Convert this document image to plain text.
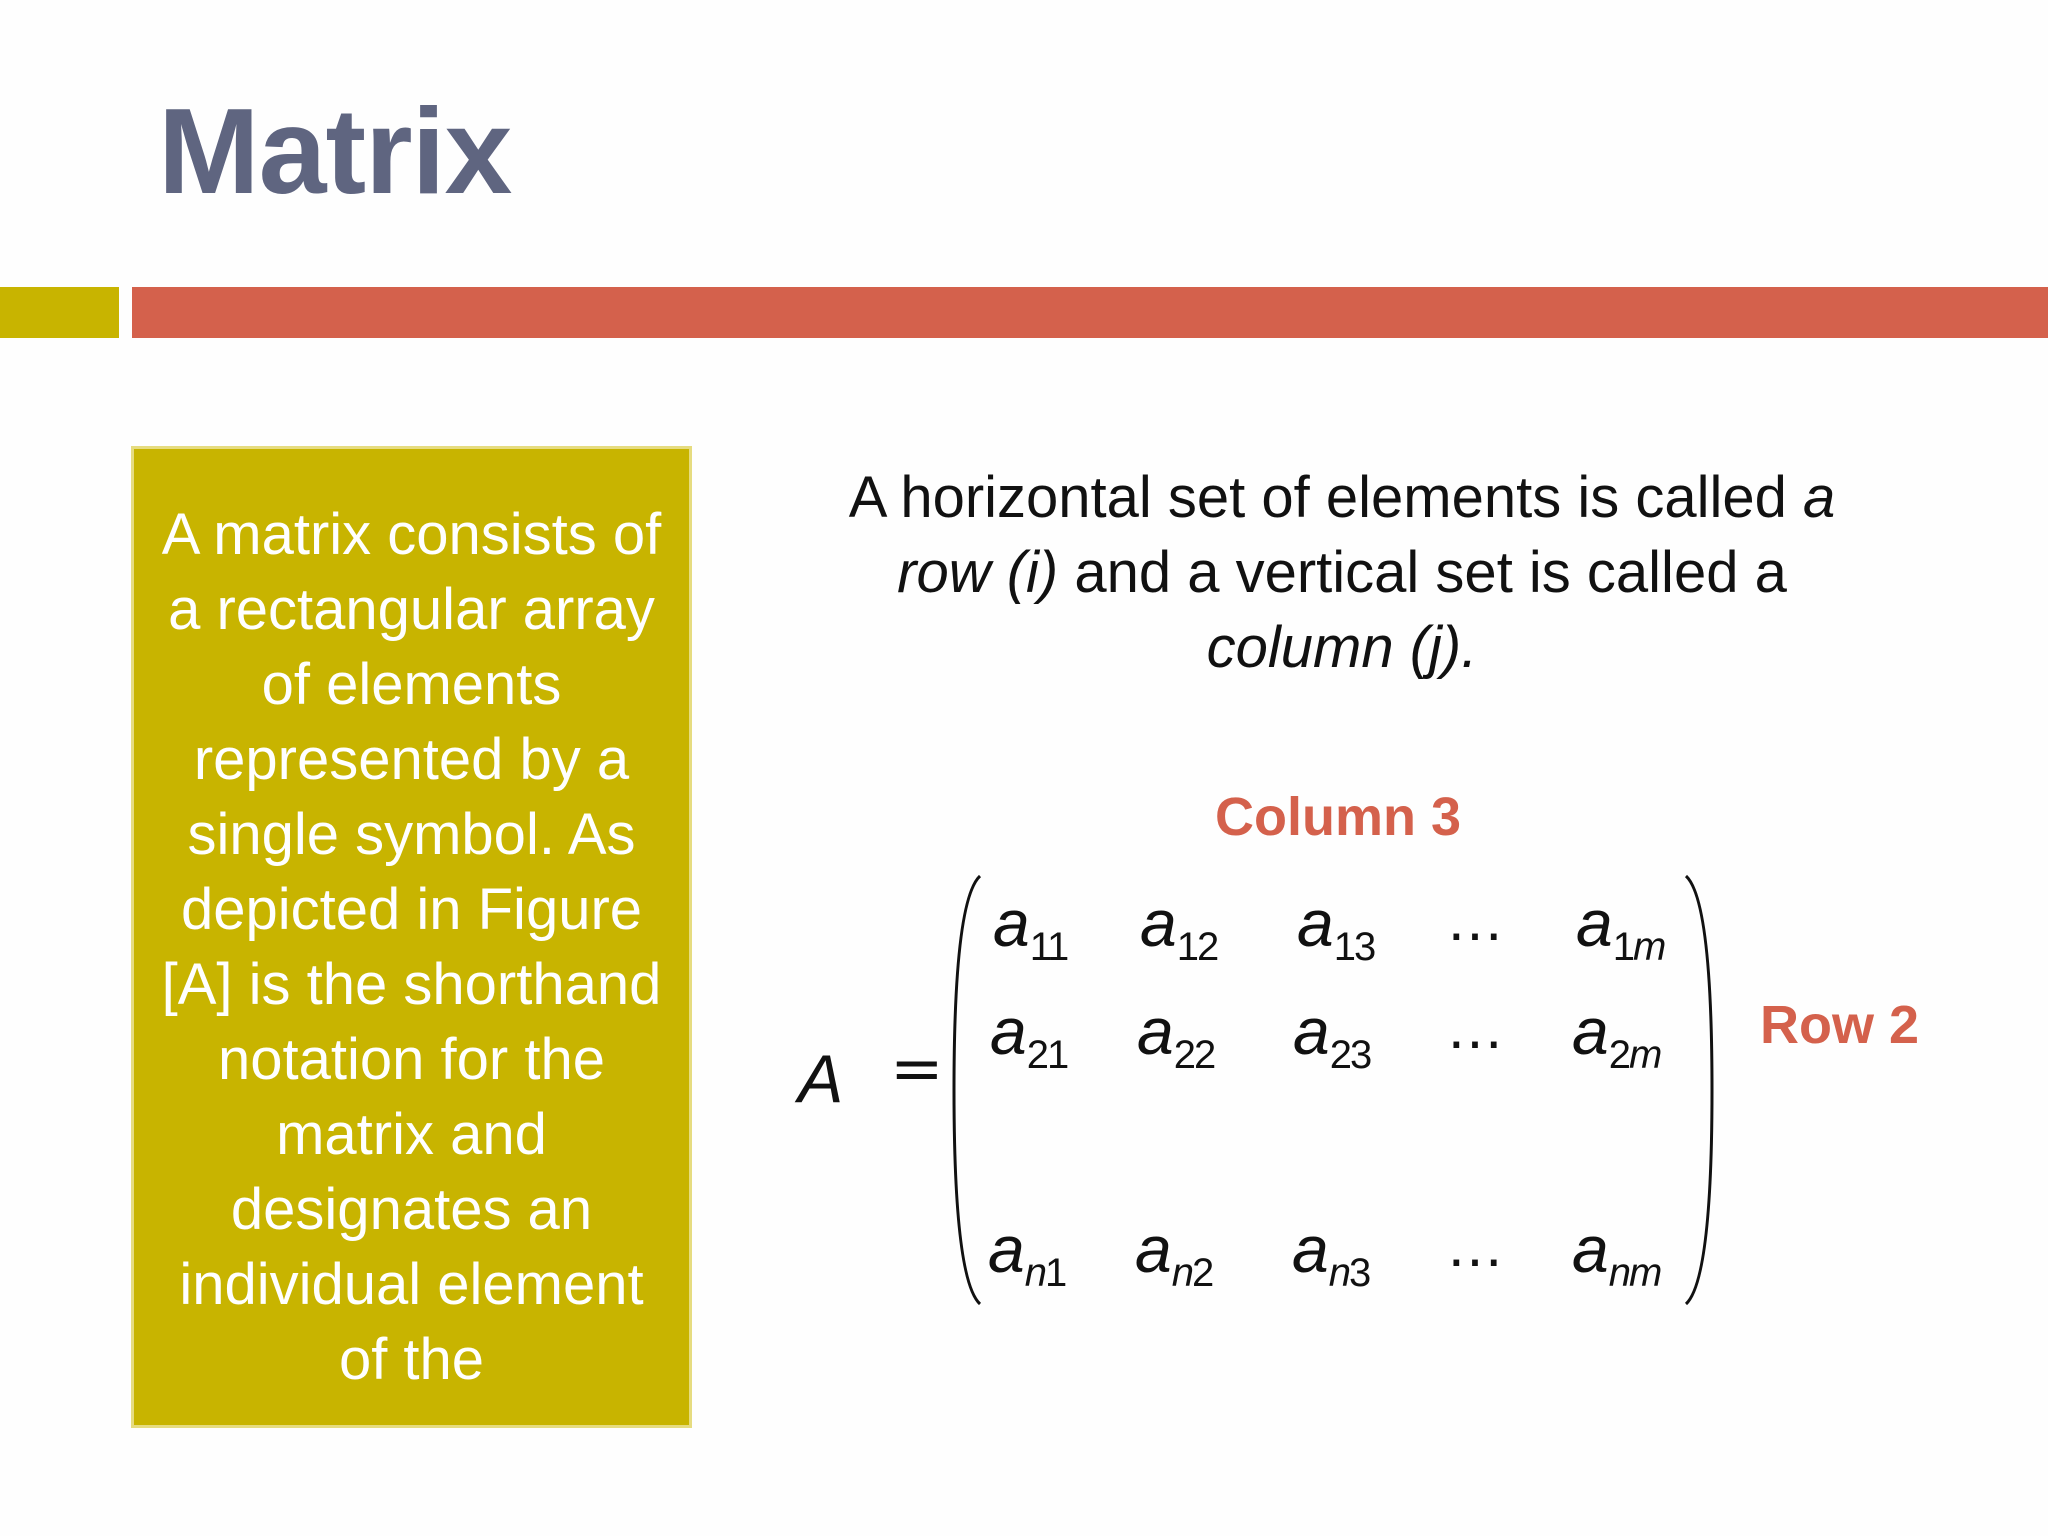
Matrix
A matrix consists of a rectangular array of elements represented by a single symbol. As depicted in Figure [A] is the shorthand notation for the matrix and designates an individual element of the
A horizontal set of elements is called a row (i) and a vertical set is called a column (j).
Column 3
Row 2
A =
$a_{11}$ $a_{12}$ $a_{13}$ ... $a_{1m}$
$a_{21}$ $a_{22}$ $a_{23}$ ... $a_{2m}$
$a_{n1}$ $a_{n2}$ $a_{n3}$ ... $a_{nm}$
